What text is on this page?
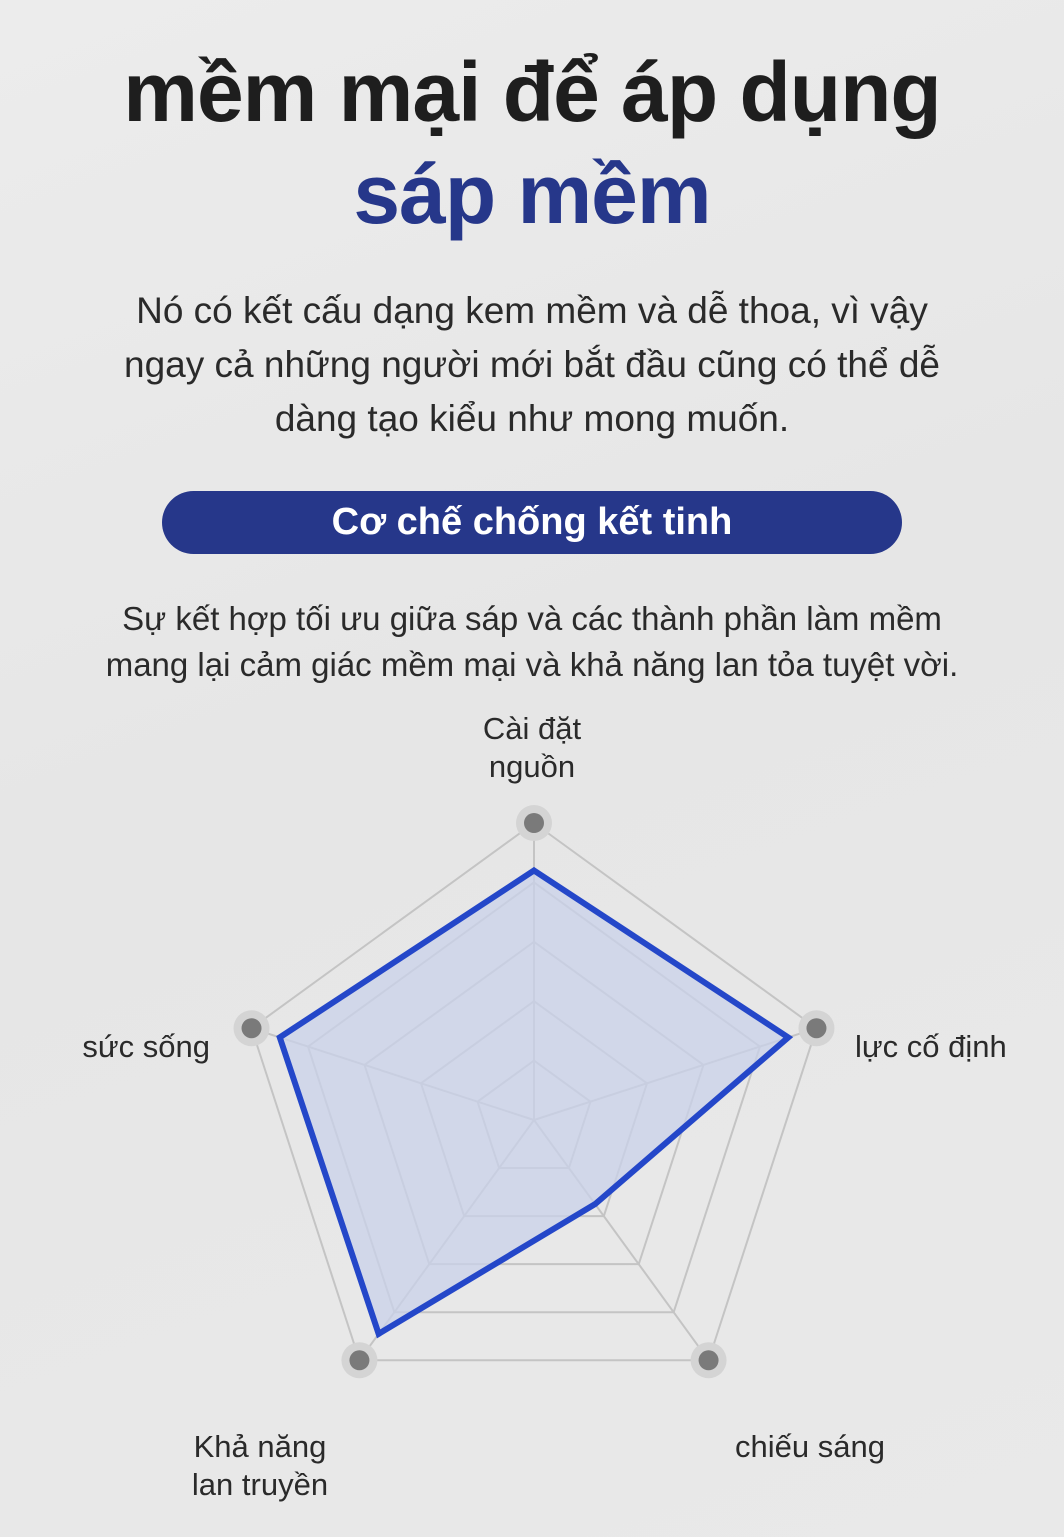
mềm mại để áp dụng
sáp mềm

Nó có kết cấu dạng kem mềm và dễ thoa, vì vậy
ngay cả những người mới bắt đầu cũng có thể dễ
dàng tạo kiểu như mong muốn.

Cơ chế chống kết tinh

Sự kết hợp tối ưu giữa sáp và các thành phần làm mềm
mang lại cảm giác mềm mại và khả năng lan tỏa tuyệt vời.

Cài đặt
nguồn
lực cố định
chiếu sáng
Khả năng
lan truyền
sức sống
